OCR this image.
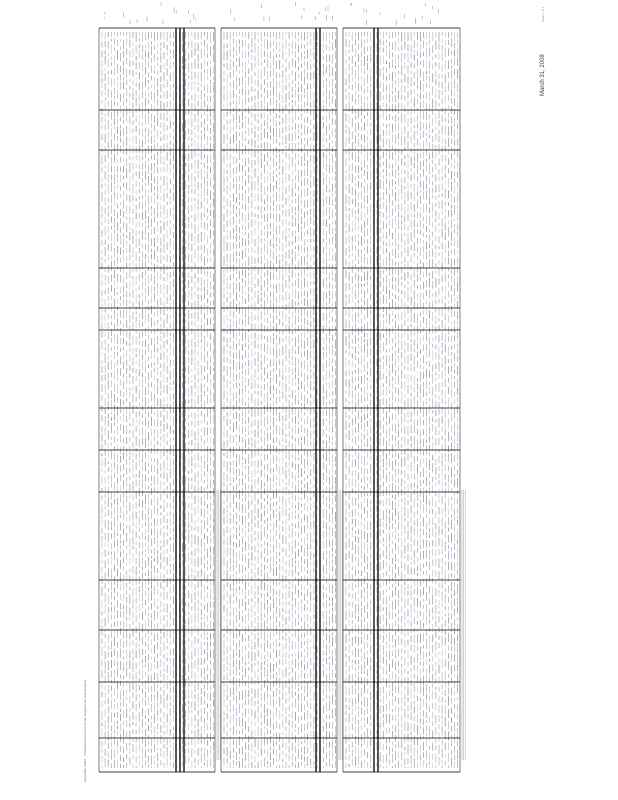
Appendix Table - Characterization of Gene Sequences (Landscape)
March 31, 2008
Page 1 of 1
